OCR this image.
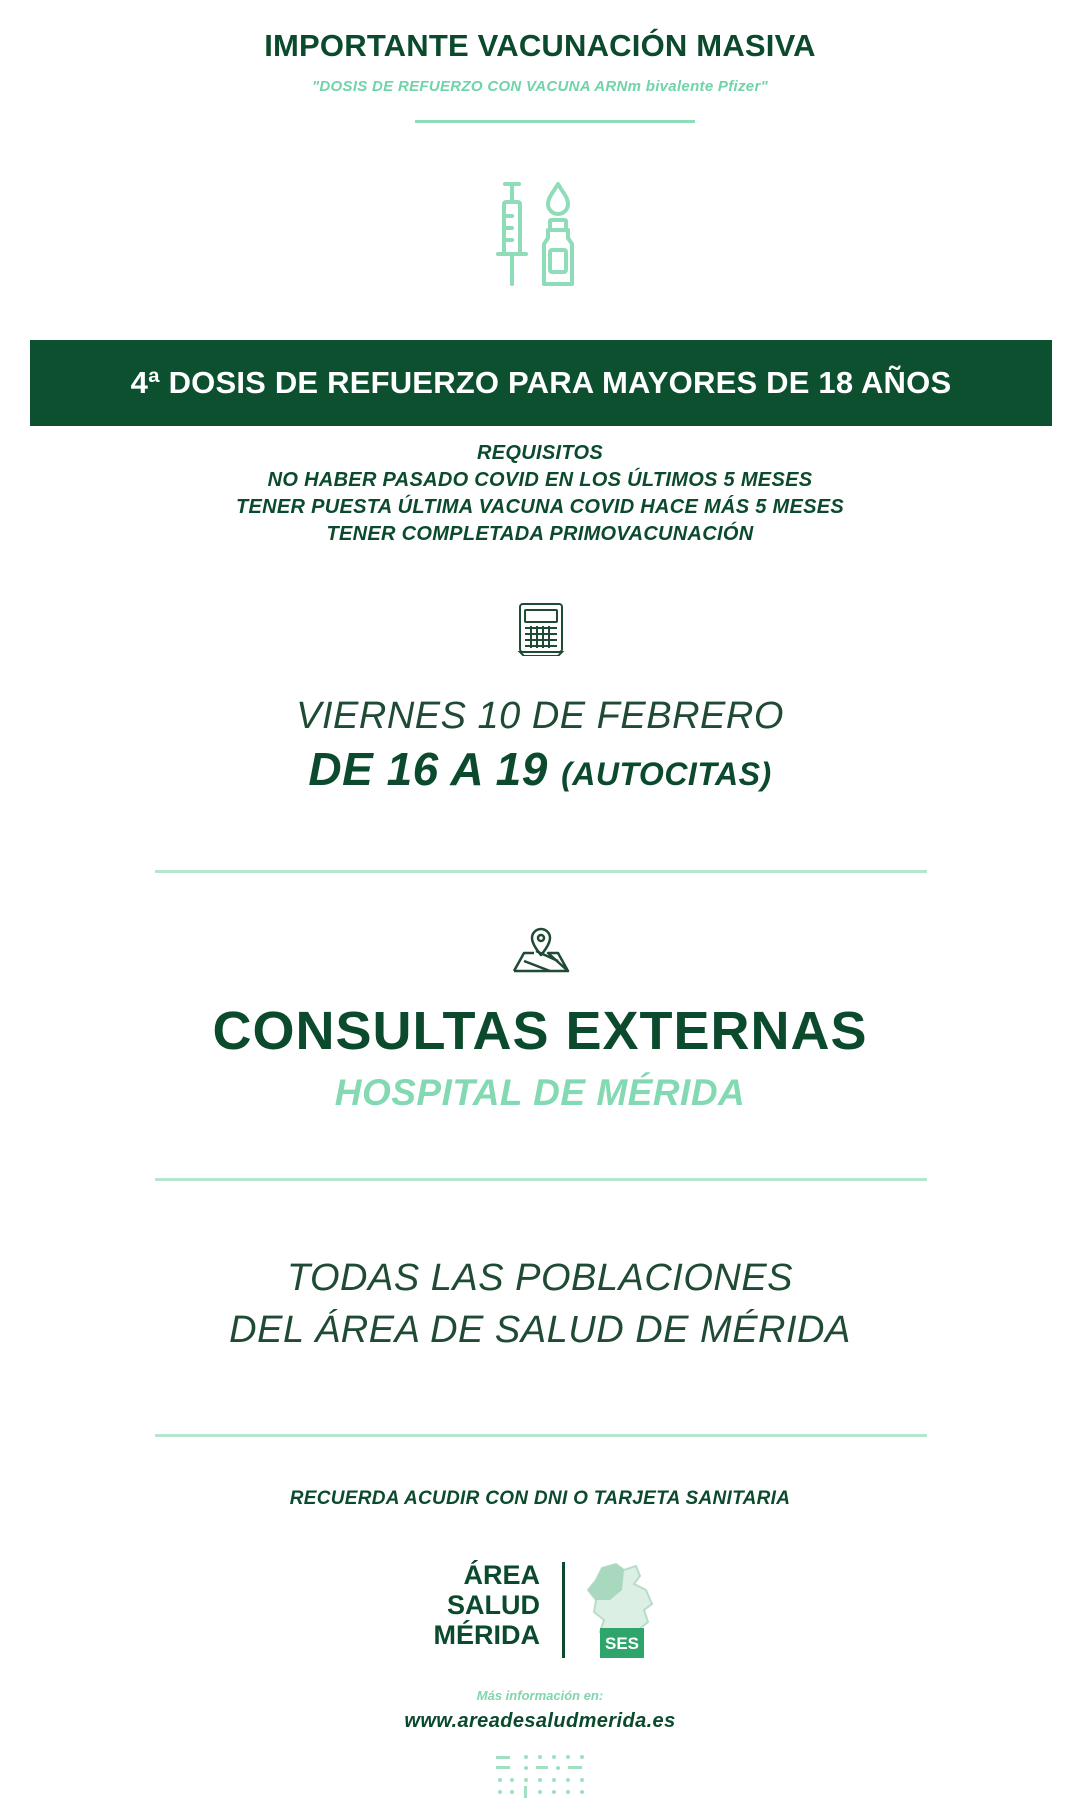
IMPORTANTE VACUNACIÓN MASIVA
"DOSIS DE REFUERZO CON VACUNA ARNm bivalente Pfizer"
4ª DOSIS DE REFUERZO PARA MAYORES DE 18 AÑOS
REQUISITOS
NO HABER PASADO COVID EN LOS ÚLTIMOS 5 MESES
TENER PUESTA ÚLTIMA VACUNA COVID HACE MÁS 5 MESES
TENER COMPLETADA PRIMOVACUNACIÓN
VIERNES 10 DE FEBRERO
DE 16 A 19 (AUTOCITAS)
CONSULTAS EXTERNAS
HOSPITAL DE MÉRIDA
TODAS LAS POBLACIONES
DEL ÁREA DE SALUD DE MÉRIDA
RECUERDA ACUDIR CON DNI O TARJETA SANITARIA
ÁREA
SALUD
MÉRIDA	SES
Más información en:
www.areadesaludmerida.es
